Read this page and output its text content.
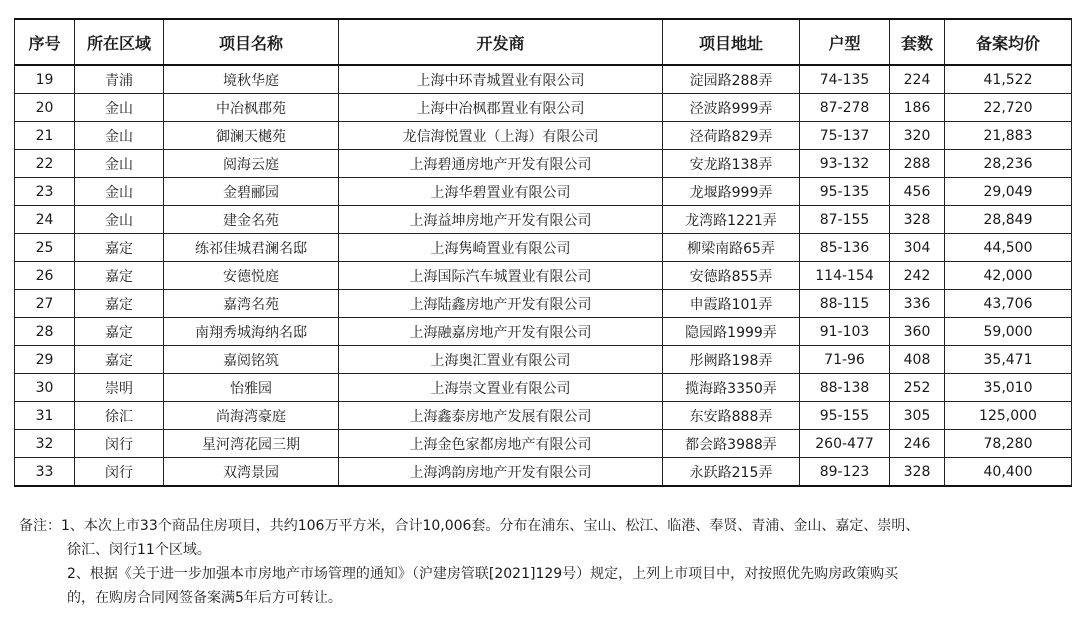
序号	所在区域	项目名称	开发商	项目地址	户型	套数	备案均价
19	青浦	境秋华庭	上海中环青城置业有限公司	淀园路288弄	74-135	224	41,522
20	金山	中冶枫郡苑	上海中冶枫郡置业有限公司	泾波路999弄	87-278	186	22,720
21	金山	御澜天樾苑	龙信海悦置业（上海）有限公司	泾荷路829弄	75-137	320	21,883
22	金山	阅海云庭	上海碧通房地产开发有限公司	安龙路138弄	93-132	288	28,236
23	金山	金碧郦园	上海华碧置业有限公司	龙堰路999弄	95-135	456	29,049
24	金山	建金名苑	上海益坤房地产开发有限公司	龙湾路1221弄	87-155	328	28,849
25	嘉定	练祁佳城君澜名邸	上海隽崎置业有限公司	柳梁南路65弄	85-136	304	44,500
26	嘉定	安德悦庭	上海国际汽车城置业有限公司	安德路855弄	114-154	242	42,000
27	嘉定	嘉湾名苑	上海陆鑫房地产开发有限公司	申霞路101弄	88-115	336	43,706
28	嘉定	南翔秀城海纳名邸	上海融嘉房地产开发有限公司	隐园路1999弄	91-103	360	59,000
29	嘉定	嘉阅铭筑	上海奥汇置业有限公司	彤阙路198弄	71-96	408	35,471
30	崇明	怡雅园	上海崇文置业有限公司	揽海路3350弄	88-138	252	35,010
31	徐汇	尚海湾豪庭	上海鑫泰房地产发展有限公司	东安路888弄	95-155	305	125,000
32	闵行	星河湾花园三期	上海金色家都房地产有限公司	都会路3988弄	260-477	246	78,280
33	闵行	双湾景园	上海鸿韵房地产开发有限公司	永跃路215弄	89-123	328	40,400
备注：1、本次上市33个商品住房项目，共约106万平方米，合计10,006套。分布在浦东、宝山、松江、临港、奉贤、青浦、金山、嘉定、崇明、
徐汇、闵行11个区域。
2、根据《关于进一步加强本市房地产市场管理的通知》（沪建房管联[2021]129号）规定，上列上市项目中，对按照优先购房政策购买
的，在购房合同网签备案满5年后方可转让。
